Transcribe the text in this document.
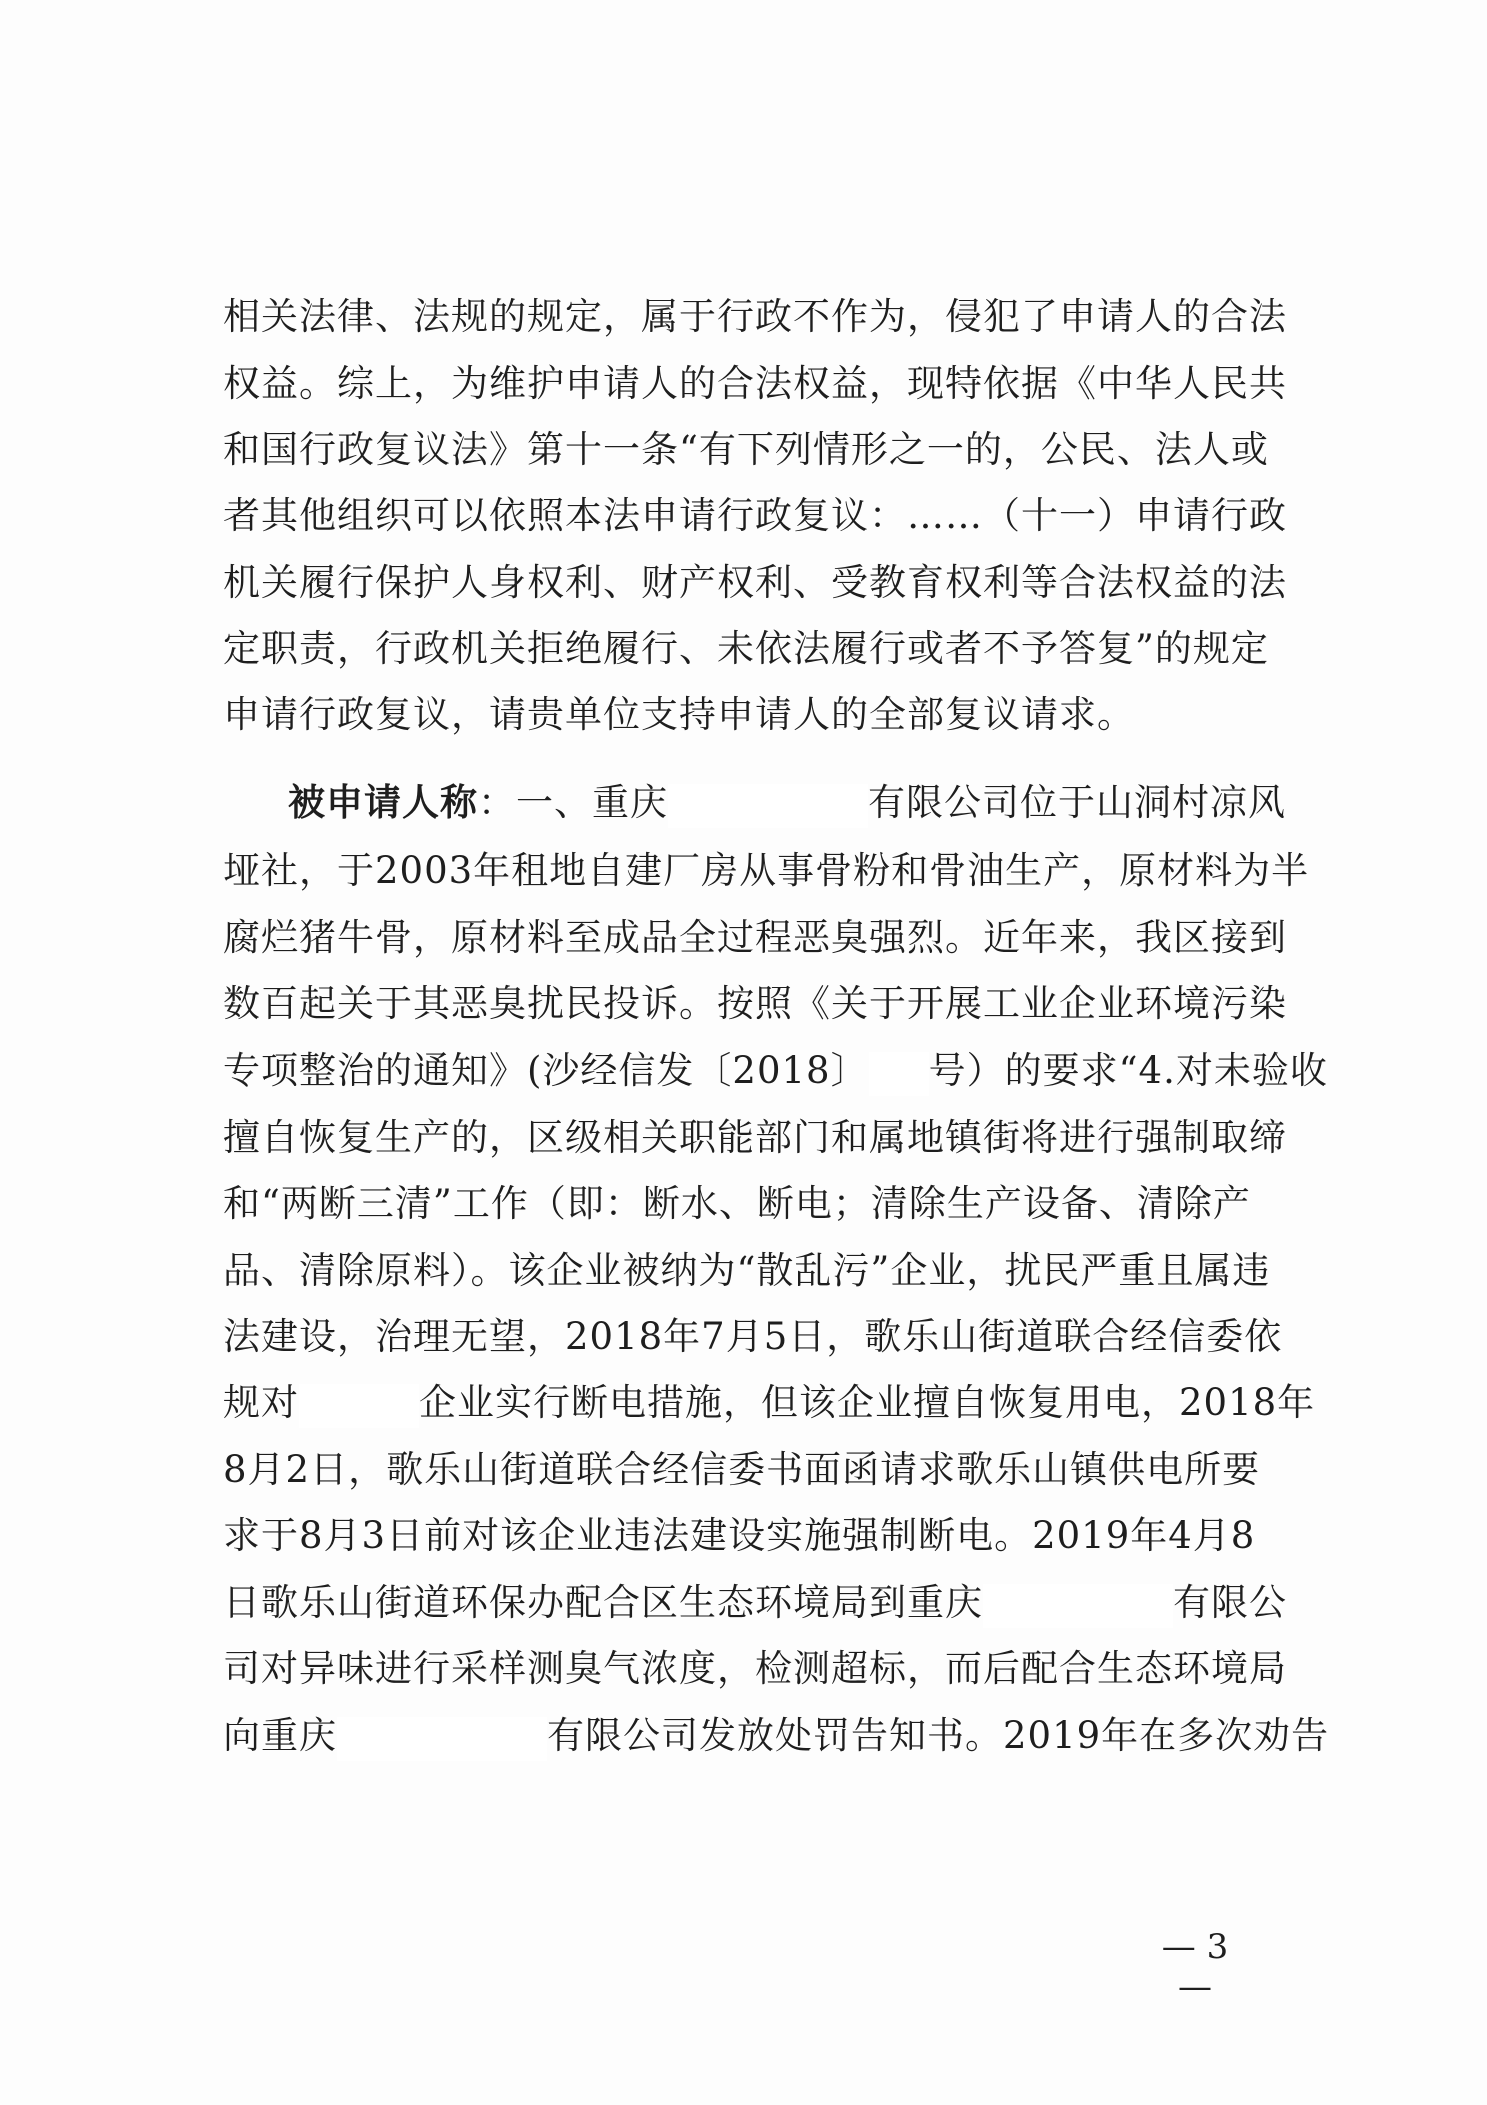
相关法律、法规的规定，属于行政不作为，侵犯了申请人的合法
权益。综上，为维护申请人的合法权益，现特依据《中华人民共
和国行政复议法》第十一条“有下列情形之一的，公民、法人或
者其他组织可以依照本法申请行政复议：……（十一）申请行政
机关履行保护人身权利、财产权利、受教育权利等合法权益的法
定职责，行政机关拒绝履行、未依法履行或者不予答复”的规定
申请行政复议，请贵单位支持申请人的全部复议请求。
被申请人称：一、重庆	有限公司位于山洞村凉风
垭社，于2003年租地自建厂房从事骨粉和骨油生产，原材料为半
腐烂猪牛骨，原材料至成品全过程恶臭强烈。近年来，我区接到
数百起关于其恶臭扰民投诉。按照《关于开展工业企业环境污染
专项整治的通知》(沙经信发〔2018〕 号）的要求“4.对未验收
擅自恢复生产的，区级相关职能部门和属地镇街将进行强制取缔
和“两断三清”工作（即：断水、断电；清除生产设备、清除产
品、清除原料）。该企业被纳为“散乱污”企业，扰民严重且属违
法建设，治理无望，2018年7月5日，歌乐山街道联合经信委依
规对	企业实行断电措施，但该企业擅自恢复用电，2018年
8月2日，歌乐山街道联合经信委书面函请求歌乐山镇供电所要
求于8月3日前对该企业违法建设实施强制断电。2019年4月8
日歌乐山街道环保办配合区生态环境局到重庆	有限公
司对异味进行采样测臭气浓度，检测超标，而后配合生态环境局
向重庆	有限公司发放处罚告知书。2019年在多次劝告
— 3 —
